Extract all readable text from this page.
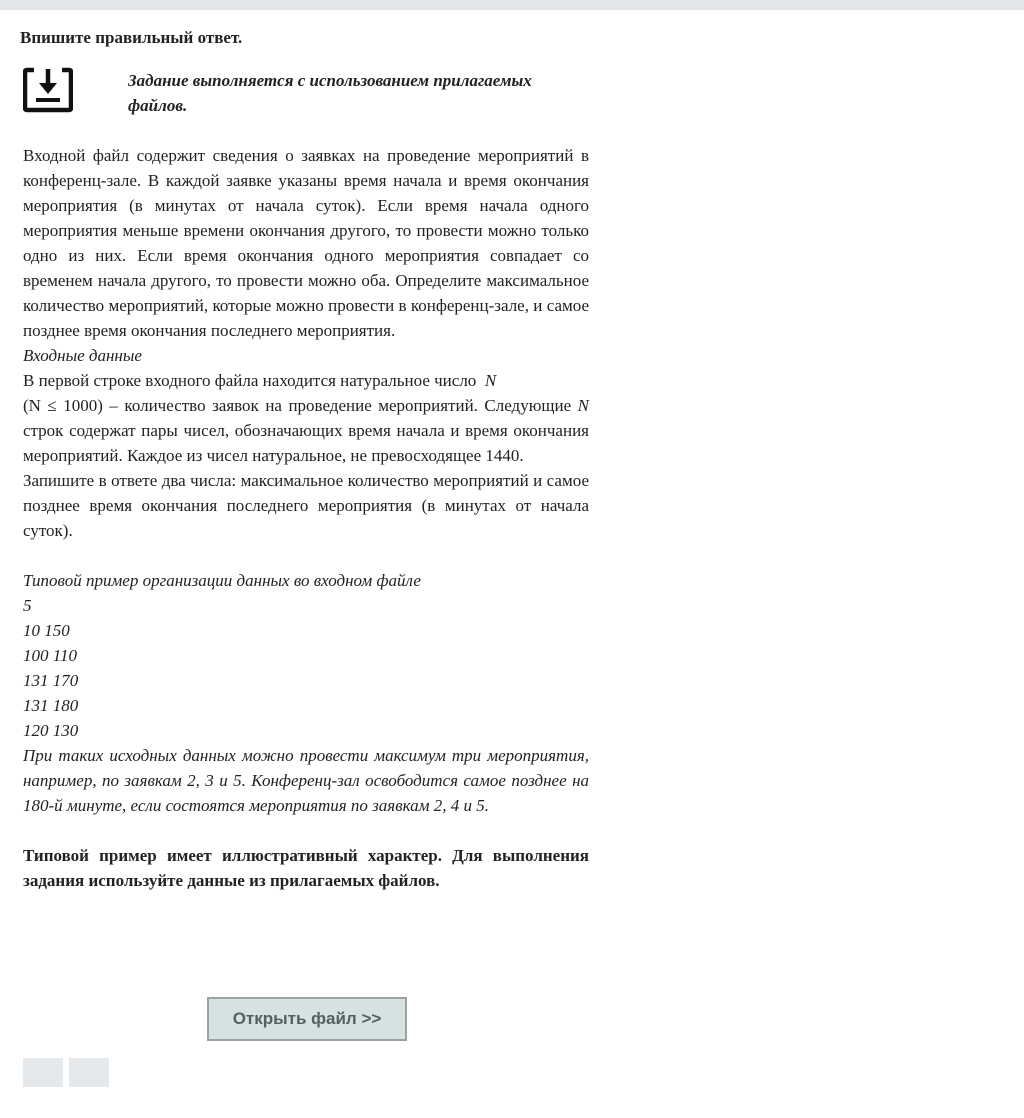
Впишите правильный ответ.
Задание выполняется с использованием прилагаемых файлов.

Входной файл содержит сведения о заявках на проведение мероприятий в конференц-зале. В каждой заявке указаны время начала и время окончания мероприятия (в минутах от начала суток). Если время начала одного мероприятия меньше времени окончания другого, то провести можно только одно из них. Если время окончания одного мероприятия совпадает со временем начала другого, то провести можно оба. Определите максимальное количество мероприятий, которые можно провести в конференц-зале, и самое позднее время окончания последнего мероприятия.

Входные данные

В первой строке входного файла находится натуральное число N
(N ≤ 1000) – количество заявок на проведение мероприятий. Следующие N строк содержат пары чисел, обозначающих время начала и время окончания мероприятий. Каждое из чисел натуральное, не превосходящее 1440.

Запишите в ответе два числа: максимальное количество мероприятий и самое позднее время окончания последнего мероприятия (в минутах от начала суток).

Типовой пример организации данных во входном файле

5

10 150

100 110

131 170

131 180

120 130

При таких исходных данных можно провести максимум три мероприятия, например, по заявкам 2, 3 и 5. Конференц-зал освободится самое позднее на 180-й минуте, если состоятся мероприятия по заявкам 2, 4 и 5.

Типовой пример имеет иллюстративный характер. Для выполнения задания используйте данные из прилагаемых файлов.

Открыть файл >>
